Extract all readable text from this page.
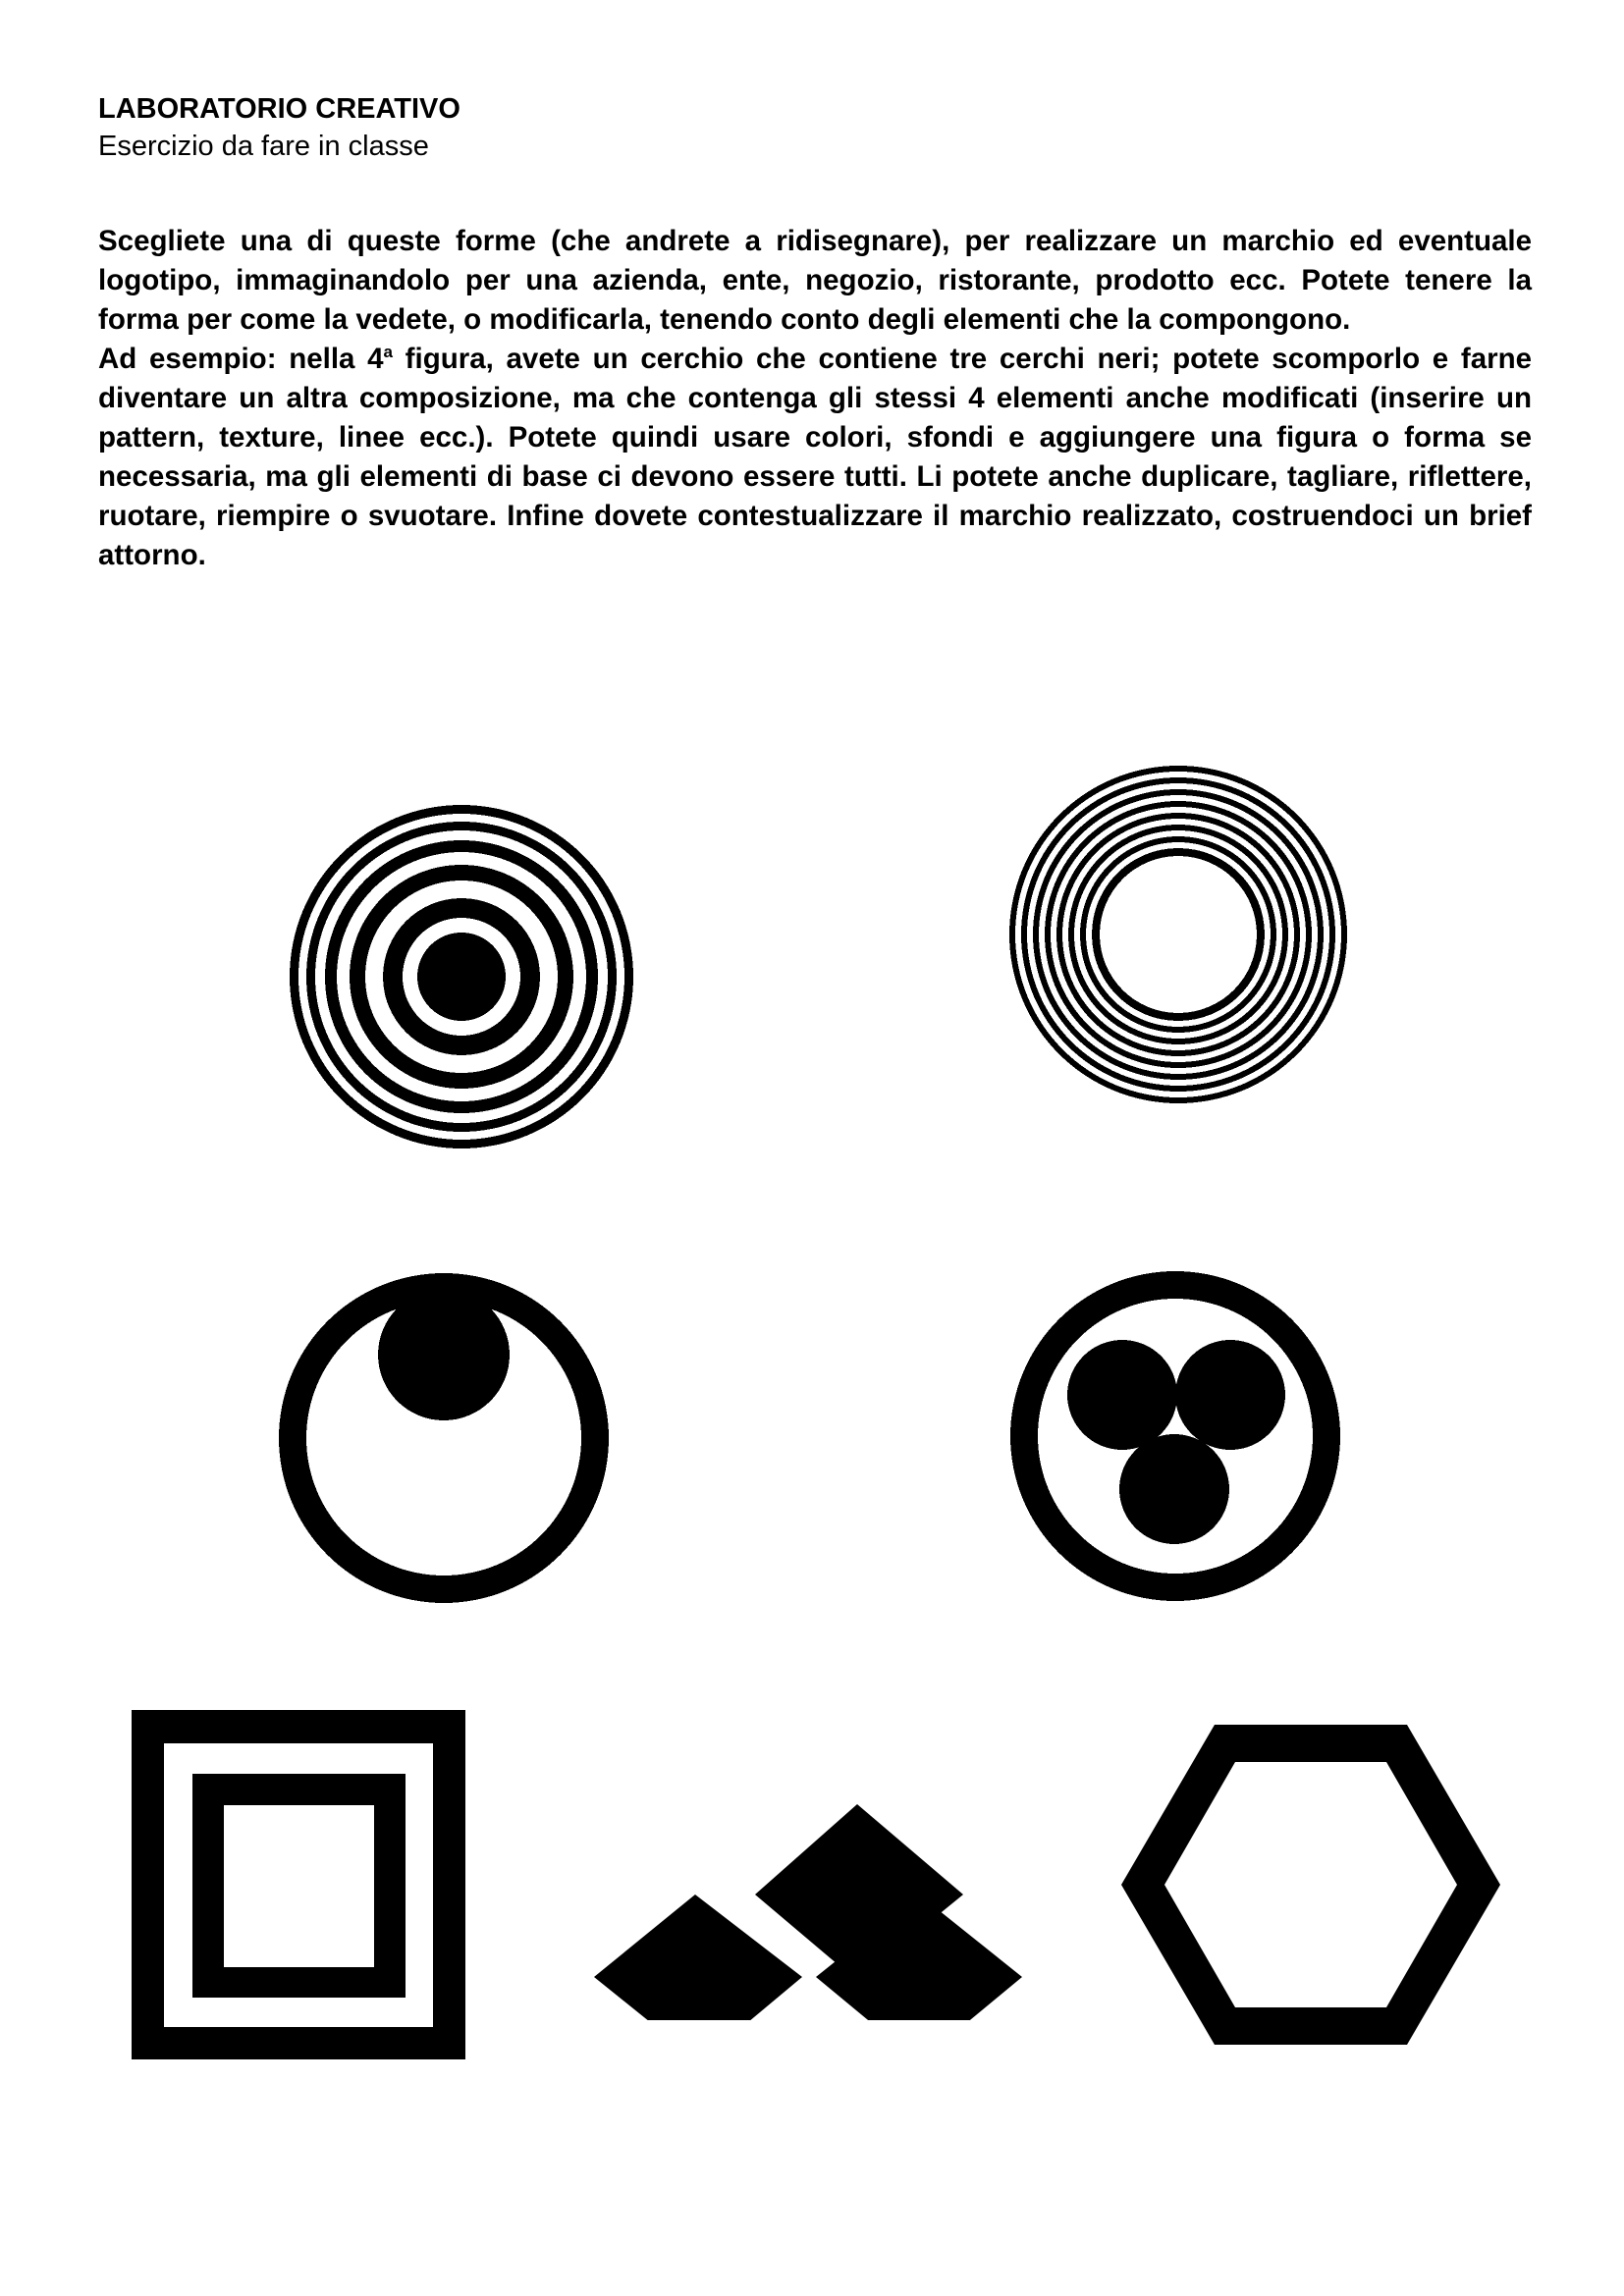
LABORATORIO CREATIVO

Esercizio da fare in classe

Scegliete una di queste forme (che andrete a ridisegnare), per realizzare un marchio ed eventuale logotipo, immaginandolo per una azienda, ente, negozio, ristorante, prodotto ecc. Potete tenere la forma per come la vedete, o modificarla, tenendo conto degli elementi che la compongono.

Ad esempio: nella 4$^a$ figura, avete un cerchio che contiene tre cerchi neri; potete scomporlo e farne diventare un altra composizione, ma che contenga gli stessi 4 elementi anche modificati (inserire un pattern, texture, linee ecc.). Potete quindi usare colori, sfondi e aggiungere una figura o forma se necessaria, ma gli elementi di base ci devono essere tutti. Li potete anche duplicare, tagliare, riflettere, ruotare, riempire o svuotare. Infine dovete contestualizzare il marchio realizzato, costruendoci un brief attorno.
